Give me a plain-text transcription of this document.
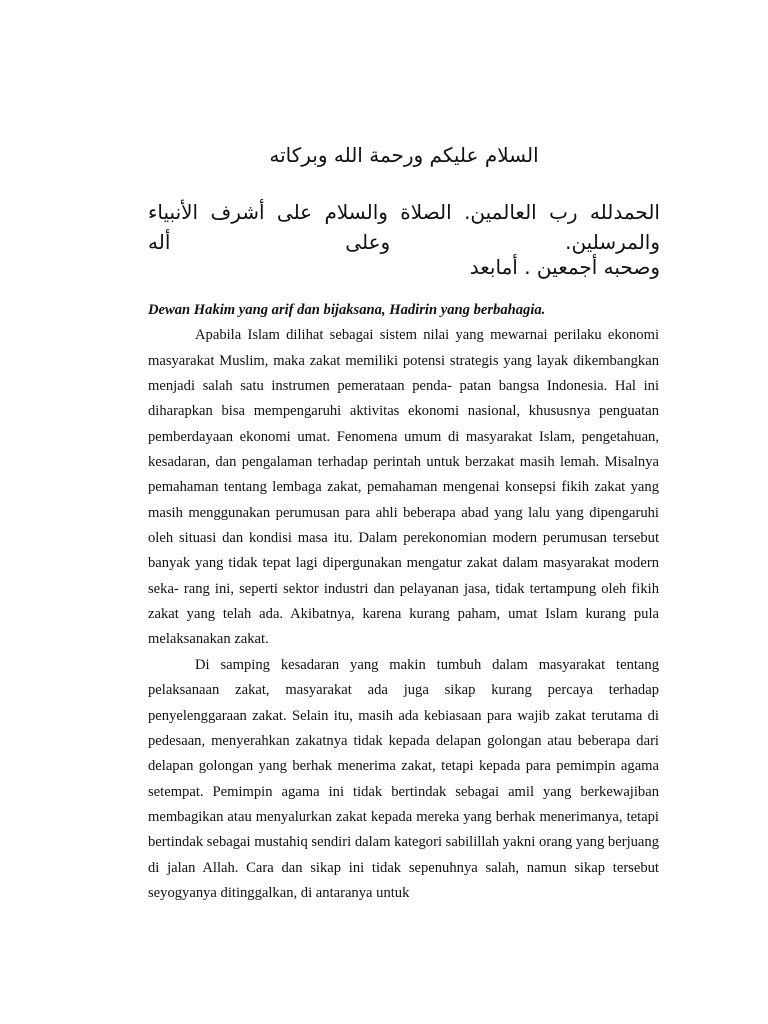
السلام عليكم ورحمة الله وبركاته
الحمدلله رب العالمين. الصلاة والسلام على أشرف الأنبياء والمرسلين. وعلى أله
وصحبه أجمعين . أمابعد

Dewan Hakim yang arif dan bijaksana, Hadirin yang berbahagia.

Apabila Islam dilihat sebagai sistem nilai yang mewarnai perilaku ekonomi masyarakat Muslim, maka zakat memiliki potensi strategis yang layak dikembangkan menjadi salah satu instrumen pemerataan penda- patan bangsa Indonesia. Hal ini diharapkan bisa mempengaruhi aktivitas ekonomi nasional, khususnya penguatan pemberdayaan ekonomi umat. Fenomena umum di masyarakat Islam, pengetahuan, kesadaran, dan pengalaman terhadap perintah untuk berzakat masih lemah. Misalnya pemahaman tentang lembaga zakat, pemahaman mengenai konsepsi fikih zakat yang masih menggunakan perumusan para ahli beberapa abad yang lalu yang dipengaruhi oleh situasi dan kondisi masa itu. Dalam perekonomian modern perumusan tersebut banyak yang tidak tepat lagi dipergunakan mengatur zakat dalam masyarakat modern seka- rang ini, seperti sektor industri dan pelayanan jasa, tidak tertampung oleh fikih zakat yang telah ada. Akibatnya, karena kurang paham, umat Islam kurang pula melaksanakan zakat.

Di samping kesadaran yang makin tumbuh dalam masyarakat tentang pelaksanaan zakat, masyarakat ada juga sikap kurang percaya terhadap penyelenggaraan zakat. Selain itu, masih ada kebiasaan para wajib zakat terutama di pedesaan, menyerahkan zakatnya tidak kepada delapan golongan atau beberapa dari delapan golongan yang berhak menerima zakat, tetapi kepada para pemimpin agama setempat. Pemimpin agama ini tidak bertindak sebagai amil yang berkewajiban membagikan atau menyalurkan zakat kepada mereka yang berhak menerimanya, tetapi bertindak sebagai mustahiq sendiri dalam kategori sabilillah yakni orang yang berjuang di jalan Allah. Cara dan sikap ini tidak sepenuhnya salah, namun sikap tersebut seyogyanya ditinggalkan, di antaranya untuk
